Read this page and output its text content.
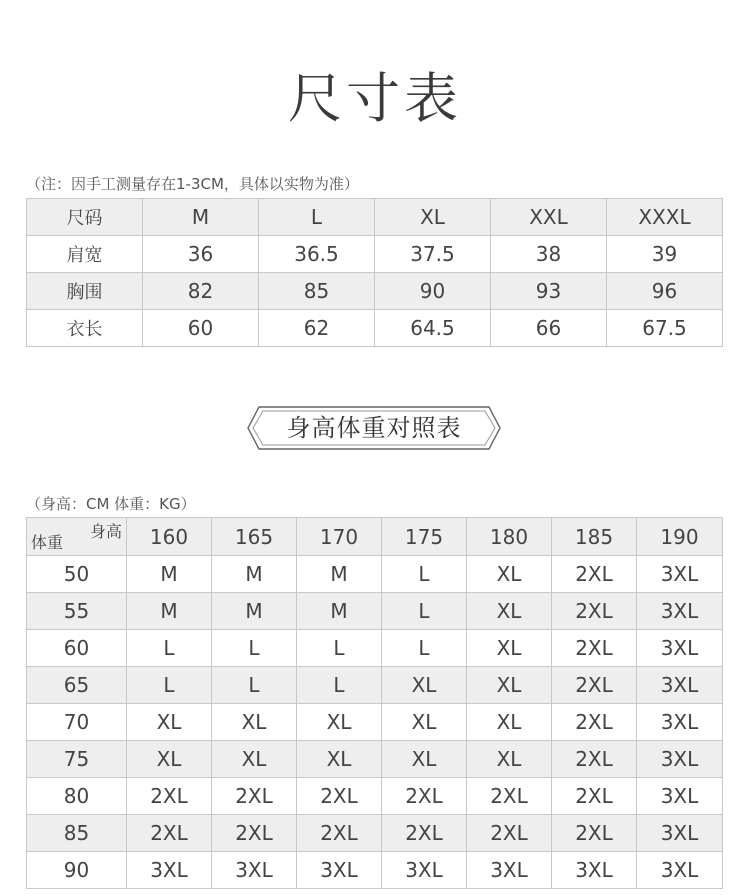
尺寸表
（注：因手工测量存在1-3CM，具体以实物为准）
尺码	M	L	XL	XXL	XXXL
肩宽	36	36.5	37.5	38	39
胸围	82	85	90	93	96
衣长	60	62	64.5	66	67.5
身高体重对照表
（身高：CM 体重：KG）
身高
体重	160	165	170	175	180	185	190
50	M	M	M	L	XL	2XL	3XL
55	M	M	M	L	XL	2XL	3XL
60	L	L	L	L	XL	2XL	3XL
65	L	L	L	XL	XL	2XL	3XL
70	XL	XL	XL	XL	XL	2XL	3XL
75	XL	XL	XL	XL	XL	2XL	3XL
80	2XL	2XL	2XL	2XL	2XL	2XL	3XL
85	2XL	2XL	2XL	2XL	2XL	2XL	3XL
90	3XL	3XL	3XL	3XL	3XL	3XL	3XL
